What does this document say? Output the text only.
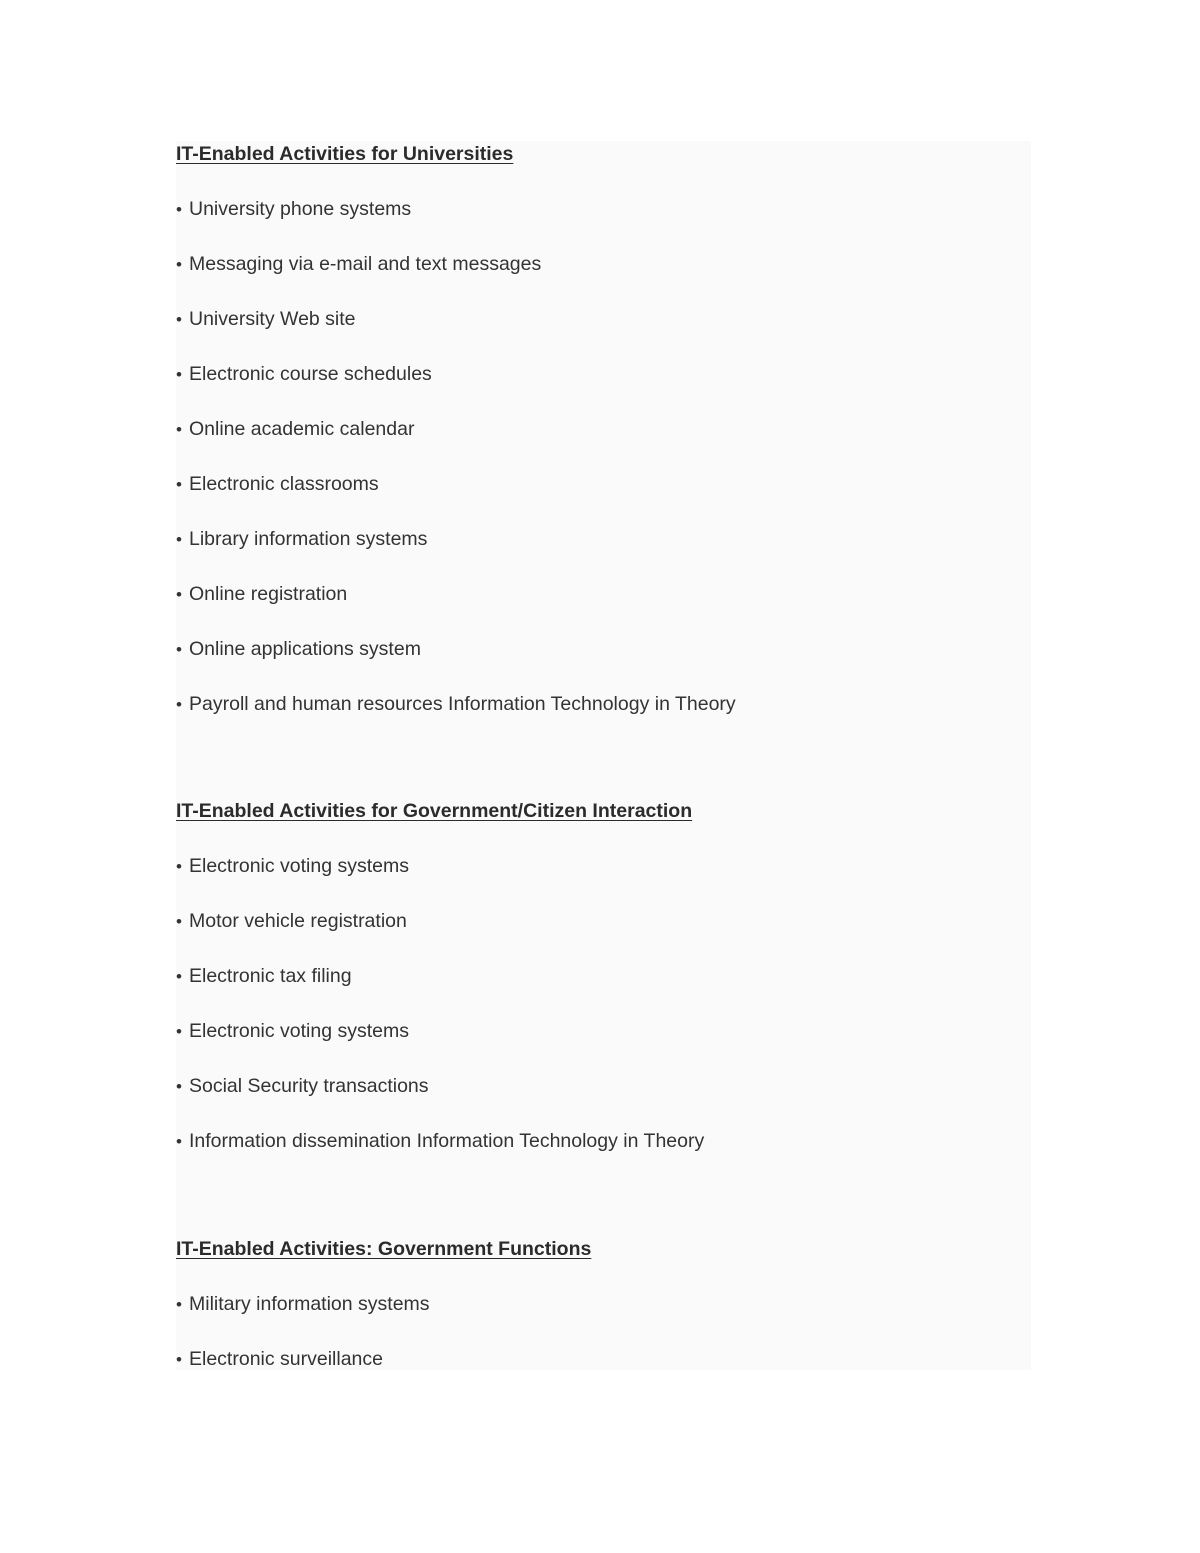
IT-Enabled Activities for Universities
• University phone systems
• Messaging via e-mail and text messages
• University Web site
• Electronic course schedules
• Online academic calendar
• Electronic classrooms
• Library information systems
• Online registration
• Online applications system
• Payroll and human resources Information Technology in Theory
IT-Enabled Activities for Government/Citizen Interaction
• Electronic voting systems
• Motor vehicle registration
• Electronic tax filing
• Electronic voting systems
• Social Security transactions
• Information dissemination Information Technology in Theory
IT-Enabled Activities: Government Functions
• Military information systems
• Electronic surveillance
